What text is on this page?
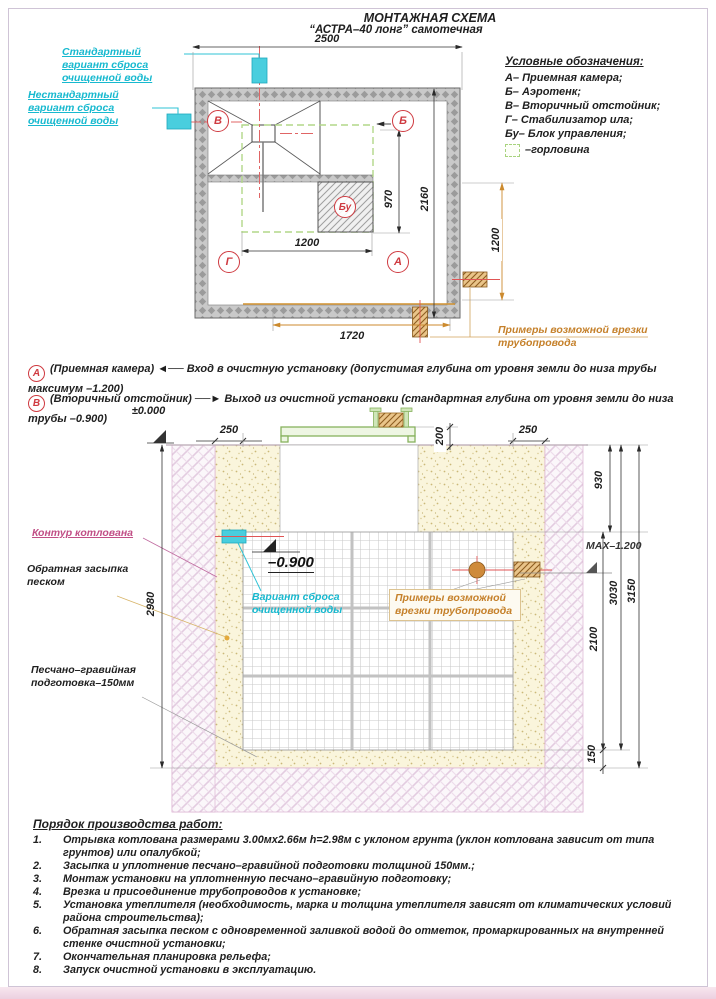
МОНТАЖНАЯ СХЕМА
“АСТРА–40 лонг” самотечная
Условные обозначения:
А– Приемная камера;
Б– Аэротенк;
В– Вторичный отстойник;
Г– Стабилизатор ила;
Бу– Блок управления;
–горловина
Стандартный вариант сброса очищенной воды
Нестандартный вариант сброса очищенной воды
Примеры возможной врезки трубопровода
В	Б
Г	А
Бу
2500
1200
1720
970 2160
1200
А (Приемная камера) ◄── Вход в очистную установку (допустимая глубина от уровня земли до низа трубы максимум –1.200)
В (Вторичный отстойник) ──► Выход из очистной установки (стандартная глубина от уровня земли до низа трубы –0.900)
±0.000
–0.900
MAX–1.200
Контур котлована
Обратная засыпка песком
Песчано–гравийная подготовка–150мм
Вариант сброса очищенной воды
Примеры возможной врезки трубопровода
250	200	250
930
2980
2100
150
3030 3150
Порядок производства работ:
1.	Отрывка котлована размерами 3.00мх2.66м h=2.98м с уклоном грунта (уклон котлована зависит от типа грунтов) или опалубкой;
2.	Засыпка и уплотнение песчано–гравийной подготовки толщиной 150мм.;
3.	Монтаж установки на уплотненную песчано–гравийную подготовку;
4.	Врезка и присоединение трубопроводов к установке;
5.	Установка утеплителя (необходимость, марка и толщина утеплителя зависят от климатических условий района строительства);
6.	Обратная засыпка песком с одновременной заливкой водой до отметок, промаркированных на внутренней стенке очистной установки;
7.	Окончательная планировка рельефа;
8.	Запуск очистной установки в эксплуатацию.
